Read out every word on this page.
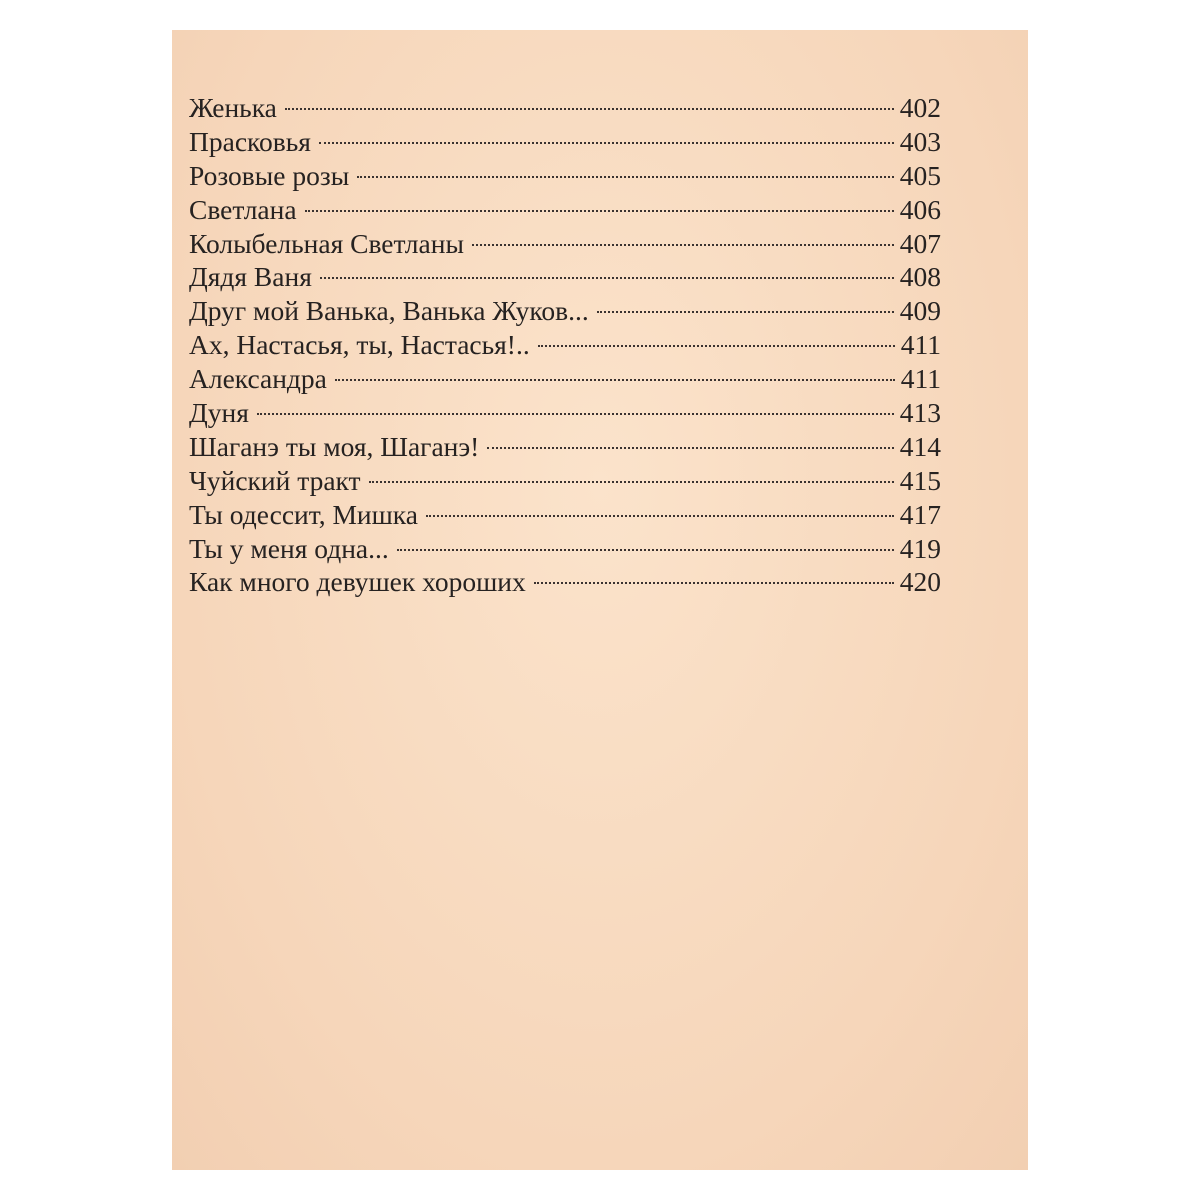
Женька	402
Прасковья	403
Розовые розы	405
Светлана	406
Колыбельная Светланы	407
Дядя Ваня	408
Друг мой Ванька, Ванька Жуков...	409
Ах, Настасья, ты, Настасья!..	411
Александра	411
Дуня	413
Шаганэ ты моя, Шаганэ!	414
Чуйский тракт	415
Ты одессит, Мишка	417
Ты у меня одна...	419
Как много девушек хороших	420
